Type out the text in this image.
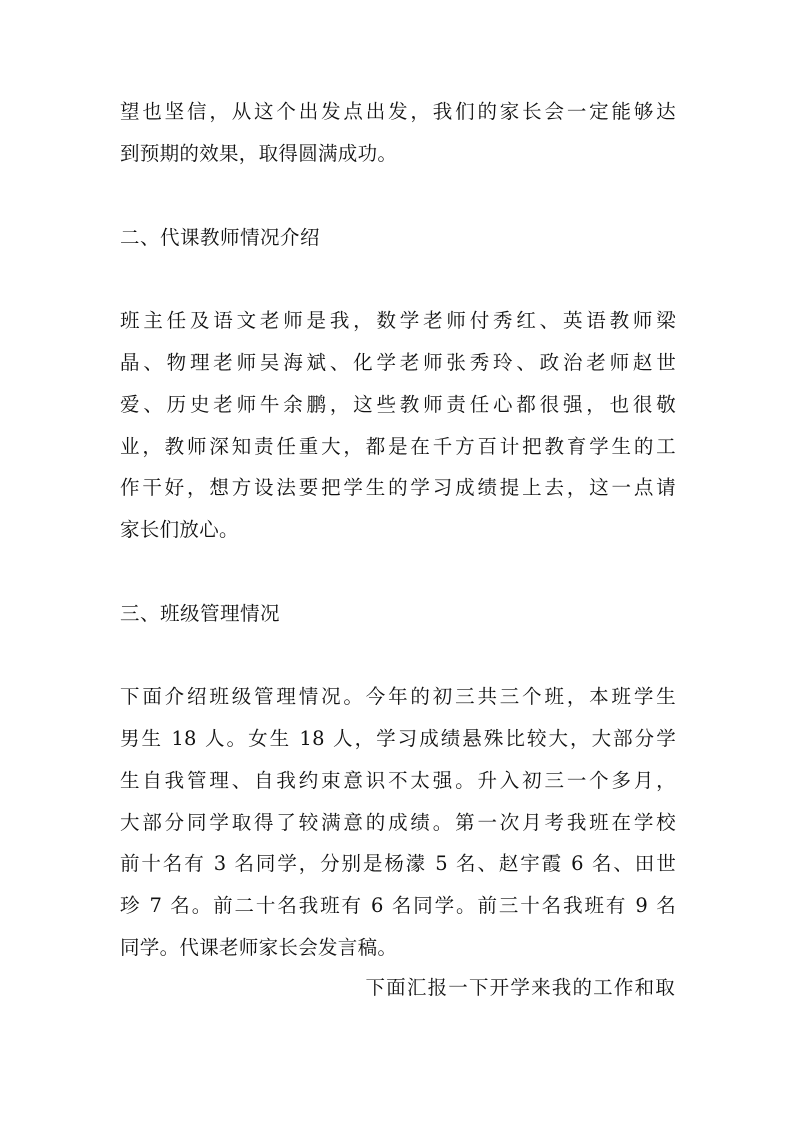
望也坚信，从这个出发点出发，我们的家长会一定能够达
到预期的效果，取得圆满成功。
二、代课教师情况介绍
班主任及语文老师是我，数学老师付秀红、英语教师梁
晶、物理老师吴海斌、化学老师张秀玲、政治老师赵世
爱、历史老师牛余鹏，这些教师责任心都很强，也很敬
业，教师深知责任重大，都是在千方百计把教育学生的工
作干好，想方设法要把学生的学习成绩提上去，这一点请
家长们放心。
三、班级管理情况
下面介绍班级管理情况。今年的初三共三个班，本班学生
男生 18 人。女生 18 人，学习成绩悬殊比较大，大部分学
生自我管理、自我约束意识不太强。升入初三一个多月，
大部分同学取得了较满意的成绩。第一次月考我班在学校
前十名有 3 名同学，分别是杨濛 5 名、赵宇霞 6 名、田世
珍 7 名。前二十名我班有 6 名同学。前三十名我班有 9 名
同学。代课老师家长会发言稿。
下面汇报一下开学来我的工作和取
